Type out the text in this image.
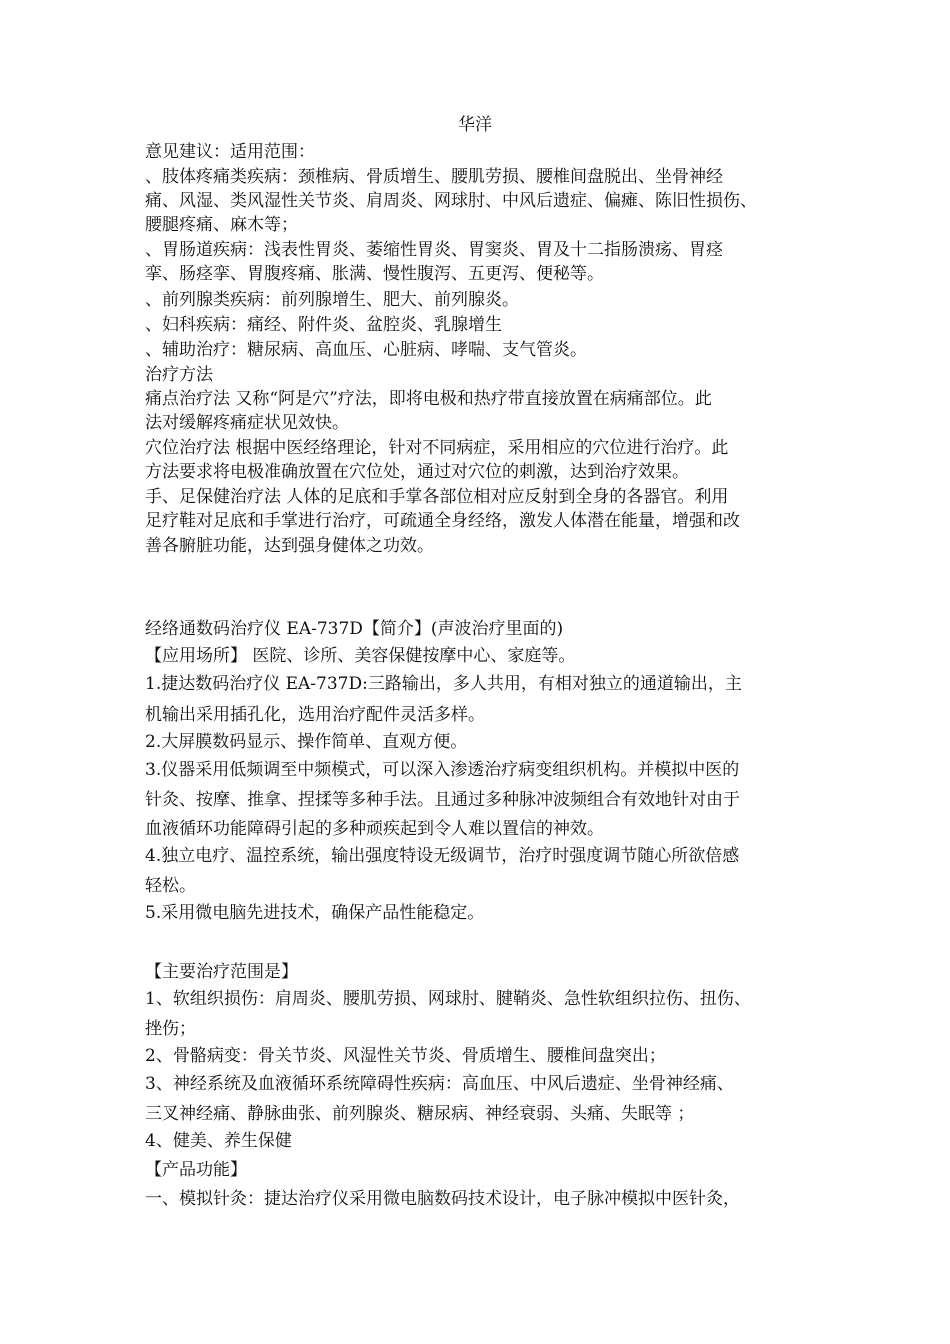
华洋
意见建议：适用范围：
、肢体疼痛类疾病：颈椎病、骨质增生、腰肌劳损、腰椎间盘脱出、坐骨神经
痛、风湿、类风湿性关节炎、肩周炎、网球肘、中风后遗症、偏瘫、陈旧性损伤、
腰腿疼痛、麻木等；
、胃肠道疾病：浅表性胃炎、萎缩性胃炎、胃窦炎、胃及十二指肠溃疡、胃痉
挛、肠痉挛、胃腹疼痛、胀满、慢性腹泻、五更泻、便秘等。
、前列腺类疾病：前列腺增生、肥大、前列腺炎。
、妇科疾病：痛经、附件炎、盆腔炎、乳腺增生
、辅助治疗：糖尿病、高血压、心脏病、哮喘、支气管炎。
治疗方法
痛点治疗法 又称“阿是穴”疗法，即将电极和热疗带直接放置在病痛部位。此
法对缓解疼痛症状见效快。
穴位治疗法 根据中医经络理论，针对不同病症，采用相应的穴位进行治疗。此
方法要求将电极准确放置在穴位处，通过对穴位的刺激，达到治疗效果。
手、足保健治疗法 人体的足底和手掌各部位相对应反射到全身的各器官。利用
足疗鞋对足底和手掌进行治疗，可疏通全身经络，激发人体潜在能量，增强和改
善各腑脏功能，达到强身健体之功效。
经络通数码治疗仪 EA-737D【简介】(声波治疗里面的)
【应用场所】 医院、诊所、美容保健按摩中心、家庭等。
1.捷达数码治疗仪 EA-737D:三路输出，多人共用，有相对独立的通道输出，主
机输出采用插孔化，选用治疗配件灵活多样。
2.大屏膜数码显示、操作简单、直观方便。
3.仪器采用低频调至中频模式，可以深入渗透治疗病变组织机构。并模拟中医的
针灸、按摩、推拿、捏揉等多种手法。且通过多种脉冲波频组合有效地针对由于
血液循环功能障碍引起的多种顽疾起到令人难以置信的神效。
4.独立电疗、温控系统，输出强度特设无级调节，治疗时强度调节随心所欲倍感
轻松。
5.采用微电脑先进技术，确保产品性能稳定。
【主要治疗范围是】
1、软组织损伤：肩周炎、腰肌劳损、网球肘、腱鞘炎、急性软组织拉伤、扭伤、
挫伤；
2、骨骼病变：骨关节炎、风湿性关节炎、骨质增生、腰椎间盘突出；
3、神经系统及血液循环系统障碍性疾病：高血压、中风后遗症、坐骨神经痛、
三叉神经痛、静脉曲张、前列腺炎、糖尿病、神经衰弱、头痛、失眠等 ；
4、健美、养生保健
【产品功能】
一、模拟针灸：捷达治疗仪采用微电脑数码技术设计，电子脉冲模拟中医针灸，
